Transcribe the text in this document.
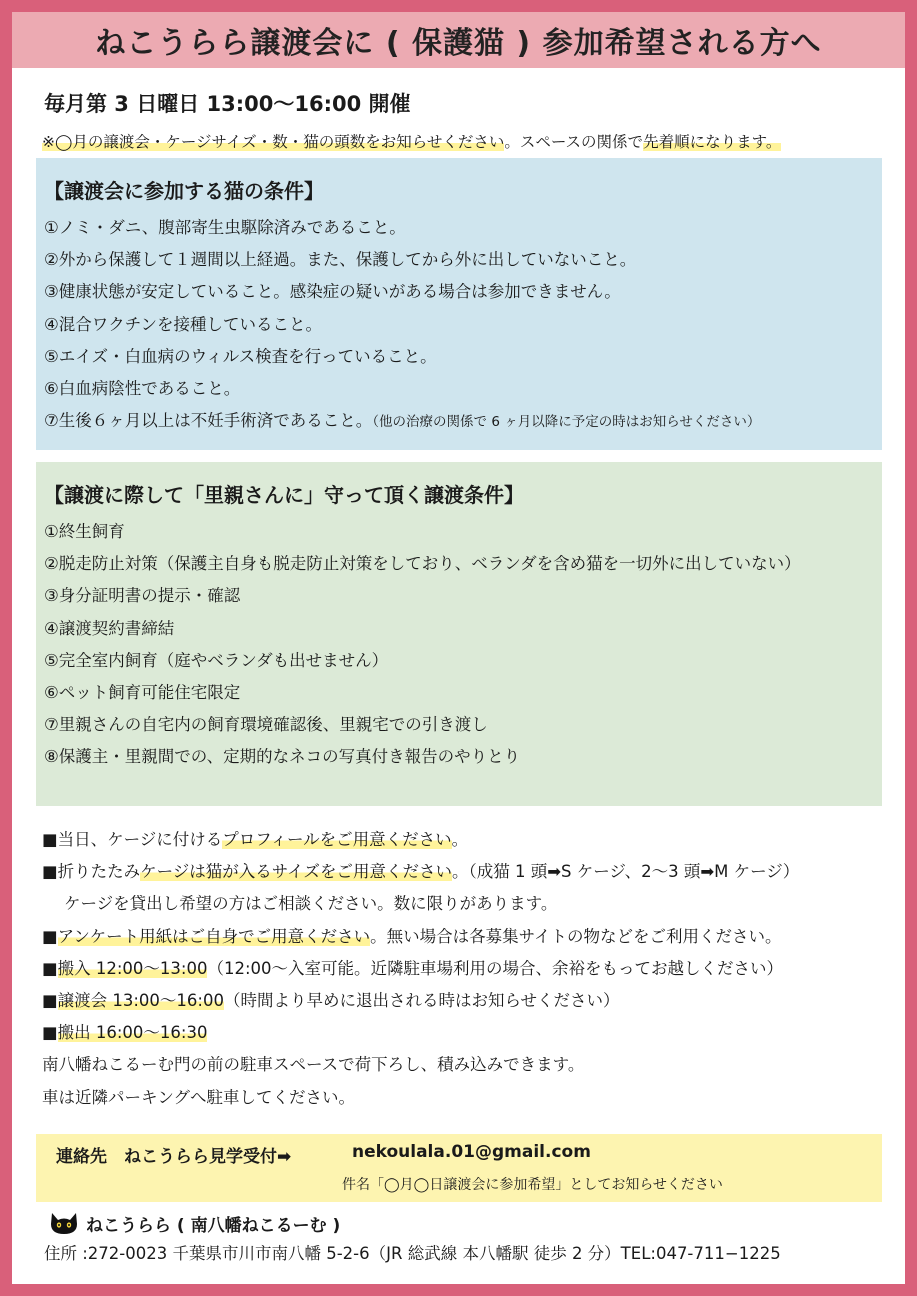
ねこうらら譲渡会に ( 保護猫 ) 参加希望される方へ
毎月第 3 日曜日 13:00〜16:00 開催
※◯月の譲渡会・ケージサイズ・数・猫の頭数をお知らせください。スペースの関係で先着順になります。
【譲渡会に参加する猫の条件】
①ノミ・ダニ、腹部寄生虫駆除済みであること。
②外から保護して１週間以上経過。また、保護してから外に出していないこと。
③健康状態が安定していること。感染症の疑いがある場合は参加できません。
④混合ワクチンを接種していること。
⑤エイズ・白血病のウィルス検査を行っていること。
⑥白血病陰性であること。
⑦生後６ヶ月以上は不妊手術済であること。（他の治療の関係で 6 ヶ月以降に予定の時はお知らせください）
【譲渡に際して「里親さんに」守って頂く譲渡条件】
①終生飼育
②脱走防止対策（保護主自身も脱走防止対策をしており、ベランダを含め猫を一切外に出していない）
③身分証明書の提示・確認
④譲渡契約書締結
⑤完全室内飼育（庭やベランダも出せません）
⑥ペット飼育可能住宅限定
⑦里親さんの自宅内の飼育環境確認後、里親宅での引き渡し
⑧保護主・里親間での、定期的なネコの写真付き報告のやりとり

■当日、ケージに付けるプロフィールをご用意ください。

■折りたたみケージは猫が入るサイズをご用意ください。（成猫 1 頭➡S ケージ、2〜3 頭➡M ケージ）

ケージを貸出し希望の方はご相談ください。数に限りがあります。

■アンケート用紙はご自身でご用意ください。無い場合は各募集サイトの物などをご利用ください。

■搬入 12:00〜13:00（12:00〜入室可能。近隣駐車場利用の場合、余裕をもってお越しください）

■譲渡会 13:00〜16:00（時間より早めに退出される時はお知らせください）

■搬出 16:00〜16:30

南八幡ねこるーむ門の前の駐車スペースで荷下ろし、積み込みできます。

車は近隣パーキングへ駐車してください。

連絡先　ねこうらら見学受付➡	nekoulala.01@gmail.com
件名「◯月◯日譲渡会に参加希望」としてお知らせください
ねこうらら ( 南八幡ねこるーむ )
住所 :272-0023 千葉県市川市南八幡 5-2-6（JR 総武線 本八幡駅 徒歩 2 分）TEL:047-711−1225
